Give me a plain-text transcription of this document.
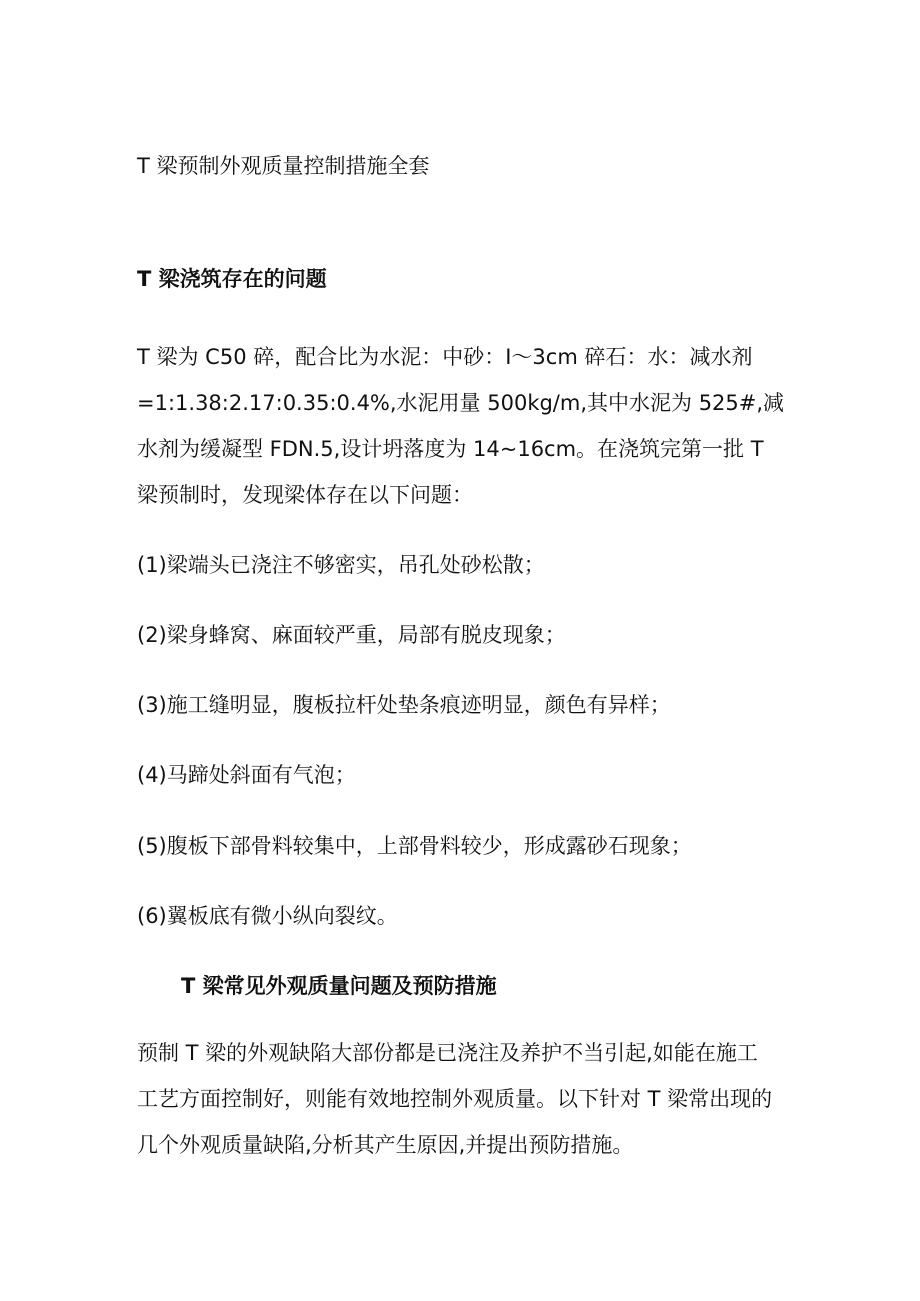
T 梁预制外观质量控制措施全套
T 梁浇筑存在的问题
T 梁为 C50 碎，配合比为水泥：中砂：I〜3cm 碎石：水：减水剂
=1:1.38:2.17:0.35:0.4%,水泥用量 500kg/m,其中水泥为 525#,减
水剂为缓凝型 FDN.5,设计坍落度为 14~16cm。在浇筑完第一批 T
梁预制时，发现梁体存在以下问题：
(1)梁端头已浇注不够密实，吊孔处砂松散；
(2)梁身蜂窝、麻面较严重，局部有脱皮现象；
(3)施工缝明显，腹板拉杆处垫条痕迹明显，颜色有异样；
(4)马蹄处斜面有气泡；
(5)腹板下部骨料较集中，上部骨料较少，形成露砂石现象；
(6)翼板底有微小纵向裂纹。
T 梁常见外观质量问题及预防措施
预制 T 梁的外观缺陷大部份都是已浇注及养护不当引起,如能在施工
工艺方面控制好，则能有效地控制外观质量。以下针对 T 梁常出现的
几个外观质量缺陷,分析其产生原因,并提出预防措施。
